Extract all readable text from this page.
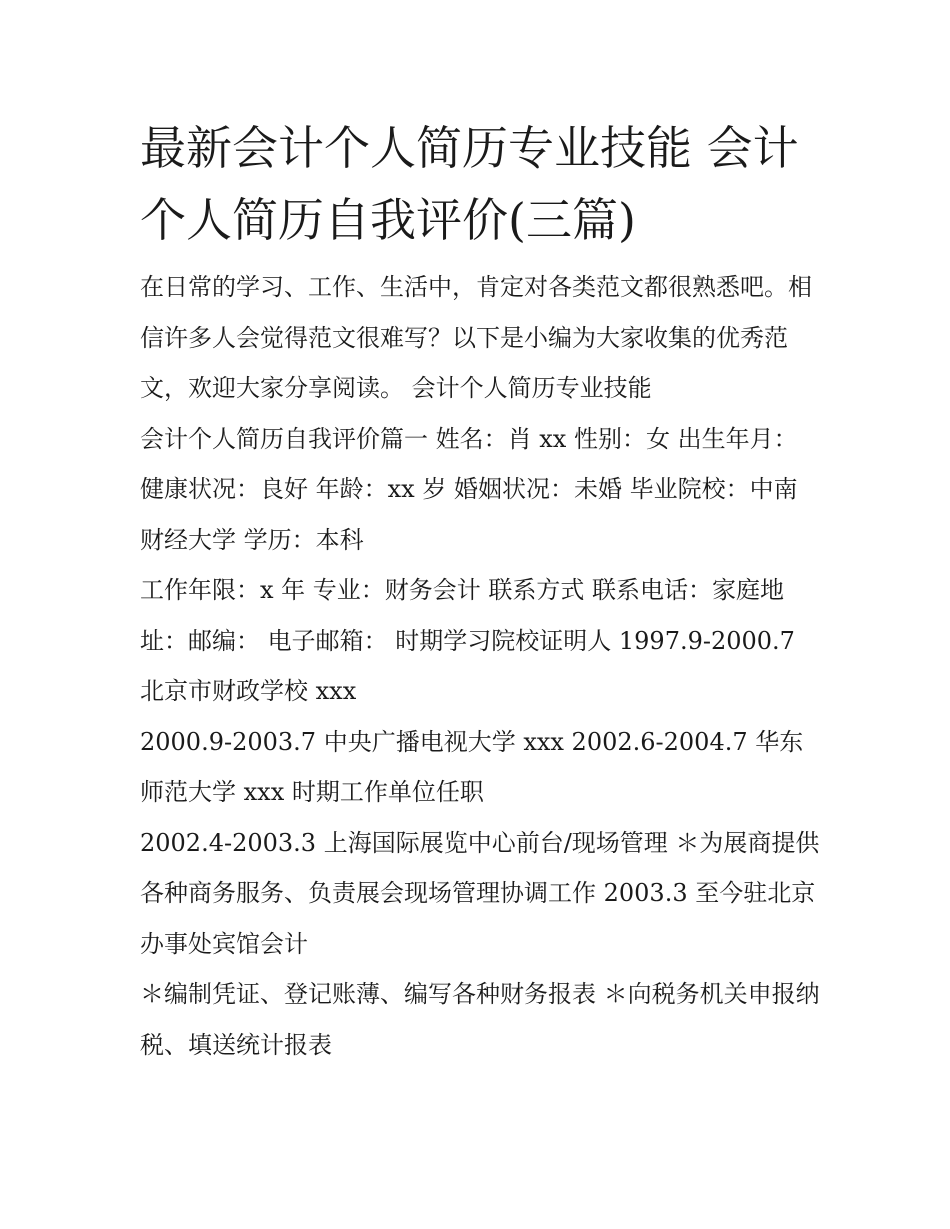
最新会计个人简历专业技能 会计个人简历自我评价(三篇)

在日常的学习、工作、生活中，肯定对各类范文都很熟悉吧。相信许多人会觉得范文很难写？以下是小编为大家收集的优秀范文，欢迎大家分享阅读。 会计个人简历专业技能

会计个人简历自我评价篇一 姓名：肖 xx 性别：女 出生年月：健康状况：良好 年龄：xx 岁 婚姻状况：未婚 毕业院校：中南财经大学 学历：本科

工作年限：x 年 专业：财务会计 联系方式 联系电话：家庭地址：邮编： 电子邮箱： 时期学习院校证明人 1997.9-2000.7 北京市财政学校 xxx

2000.9-2003.7 中央广播电视大学 xxx 2002.6-2004.7 华东师范大学 xxx 时期工作单位任职

2002.4-2003.3 上海国际展览中心前台/现场管理 ＊为展商提供各种商务服务、负责展会现场管理协调工作 2003.3 至今驻北京办事处宾馆会计

＊编制凭证、登记账薄、编写各种财务报表 ＊向税务机关申报纳税、填送统计报表
